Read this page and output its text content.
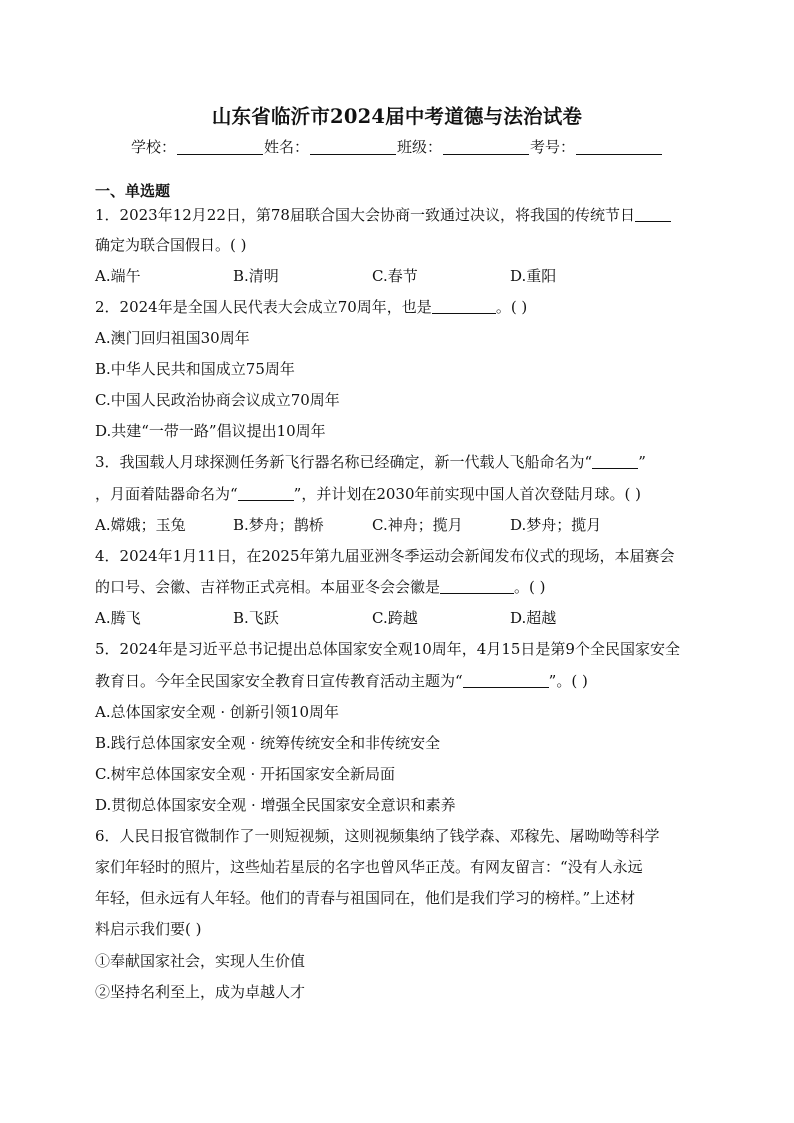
山东省临沂市2024届中考道德与法治试卷
学校：	姓名：	班级：	考号：
一、单选题
1．2023年12月22日，第78届联合国大会协商一致通过决议，将我国的传统节日
确定为联合国假日。( )
A.端午	B.清明	C.春节	D.重阳
2．2024年是全国人民代表大会成立70周年，也是	。( )
A.澳门回归祖国30周年
B.中华人民共和国成立75周年
C.中国人民政治协商会议成立70周年
D.共建“一带一路”倡议提出10周年
3．我国载人月球探测任务新飞行器名称已经确定，新一代载人飞船命名为“	”
，月面着陆器命名为“	”，并计划在2030年前实现中国人首次登陆月球。( )
A.嫦娥；玉兔	B.梦舟；鹊桥	C.神舟；揽月	D.梦舟；揽月
4．2024年1月11日，在2025年第九届亚洲冬季运动会新闻发布仪式的现场，本届赛会
的口号、会徽、吉祥物正式亮相。本届亚冬会会徽是	。( )
A.腾飞	B.飞跃	C.跨越	D.超越
5．2024年是习近平总书记提出总体国家安全观10周年，4月15日是第9个全民国家安全
教育日。今年全民国家安全教育日宣传教育活动主题为“	”。( )
A.总体国家安全观 · 创新引领10周年
B.践行总体国家安全观 · 统筹传统安全和非传统安全
C.树牢总体国家安全观 · 开拓国家安全新局面
D.贯彻总体国家安全观 · 增强全民国家安全意识和素养
6．人民日报官微制作了一则短视频，这则视频集纳了钱学森、邓稼先、屠呦呦等科学
家们年轻时的照片，这些灿若星辰的名字也曾风华正茂。有网友留言：“没有人永远
年轻，但永远有人年轻。他们的青春与祖国同在，他们是我们学习的榜样。”上述材
料启示我们要( )
①奉献国家社会，实现人生价值
②坚持名利至上，成为卓越人才
